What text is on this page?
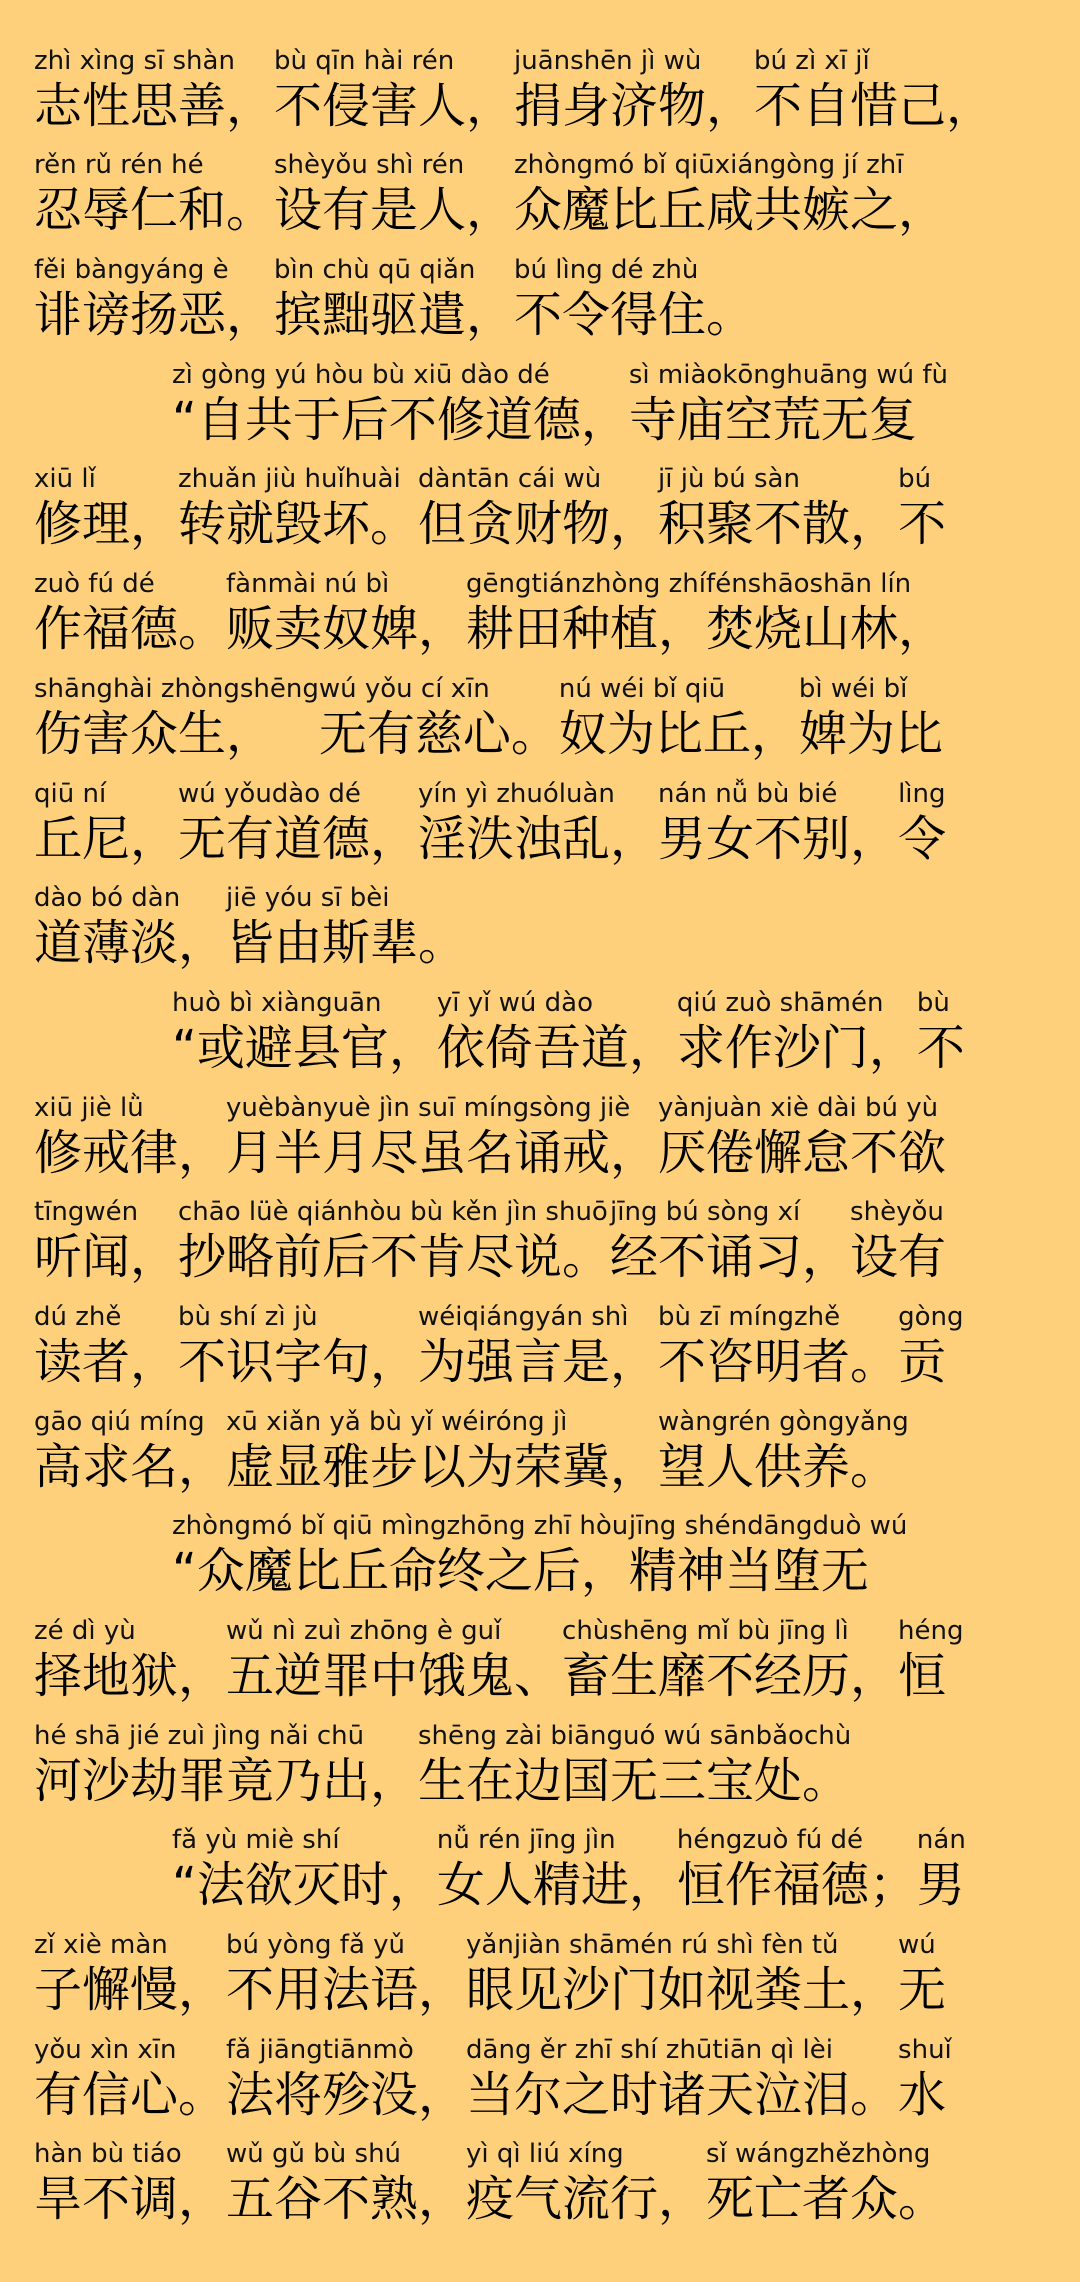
zhì xìng sī shàn
志性思善，
bù qīn hài rén
不侵害人，
juānshēn jì wù
捐身济物，
bú zì xī jǐ
不自惜己，
rěn rǔ rén hé
忍辱仁和。
shèyǒu shì rén
设有是人，
zhòngmó bǐ qiūxiángòng jí zhī
众魔比丘咸共嫉之，
fěi bàngyáng è
诽谤扬恶，
bìn chù qū qiǎn
摈黜驱遣，
bú lìng dé zhù
不令得住。
zì gòng yú hòu bù xiū dào dé
“自共于后不修道德，
sì miàokōnghuāng wú fù
寺庙空荒无复
xiū lǐ
修理，
zhuǎn jiù huǐhuài
转就毁坏。
dàntān cái wù
但贪财物，
jī jù bú sàn
积聚不散，
bú
不
zuò fú dé
作福德。
fànmài nú bì
贩卖奴婢，
gēngtiánzhòng zhí
耕田种植，
fénshāoshān lín
焚烧山林，
shānghài zhòngshēng
伤害众生，
wú yǒu cí xīn
无有慈心。
nú wéi bǐ qiū
奴为比丘，
bì wéi bǐ
婢为比
qiū ní
丘尼，
wú yǒudào dé
无有道德，
yín yì zhuóluàn
淫泆浊乱，
nán nǚ bù bié
男女不别，
lìng
令
dào bó dàn
道薄淡，
jiē yóu sī bèi
皆由斯辈。
huò bì xiànguān
“或避县官，
yī yǐ wú dào
依倚吾道，
qiú zuò shāmén
求作沙门，
bù
不
xiū jiè lǜ
修戒律，
yuèbànyuè jìn suī míngsòng jiè
月半月尽虽名诵戒，
yànjuàn xiè dài bú yù
厌倦懈怠不欲
tīngwén
听闻，
chāo lüè qiánhòu bù kěn jìn shuō
抄略前后不肯尽说。
jīng bú sòng xí
经不诵习，
shèyǒu
设有
dú zhě
读者，
bù shí zì jù
不识字句，
wéiqiángyán shì
为强言是，
bù zī míngzhě
不咨明者。
gòng
贡
gāo qiú míng
高求名，
xū xiǎn yǎ bù yǐ wéiróng jì
虚显雅步以为荣冀，
wàngrén gòngyǎng
望人供养。
zhòngmó bǐ qiū mìngzhōng zhī hòu
“众魔比丘命终之后，
jīng shéndāngduò wú
精神当堕无
zé dì yù
择地狱，
wǔ nì zuì zhōng è guǐ
五逆罪中饿鬼、
chùshēng mǐ bù jīng lì
畜生靡不经历，
héng
恒
hé shā jié zuì jìng nǎi chū
河沙劫罪竟乃出，
shēng zài biānguó wú sānbǎochù
生在边国无三宝处。
fǎ yù miè shí
“法欲灭时，
nǚ rén jīng jìn
女人精进，
héngzuò fú dé
恒作福德；
nán
男
zǐ xiè màn
子懈慢，
bú yòng fǎ yǔ
不用法语，
yǎnjiàn shāmén rú shì fèn tǔ
眼见沙门如视粪土，
wú
无
yǒu xìn xīn
有信心。
fǎ jiāngtiānmò
法将殄没，
dāng ěr zhī shí zhūtiān qì lèi
当尔之时诸天泣泪。
shuǐ
水
hàn bù tiáo
旱不调，
wǔ gǔ bù shú
五谷不熟，
yì qì liú xíng
疫气流行，
sǐ wángzhězhòng
死亡者众。
